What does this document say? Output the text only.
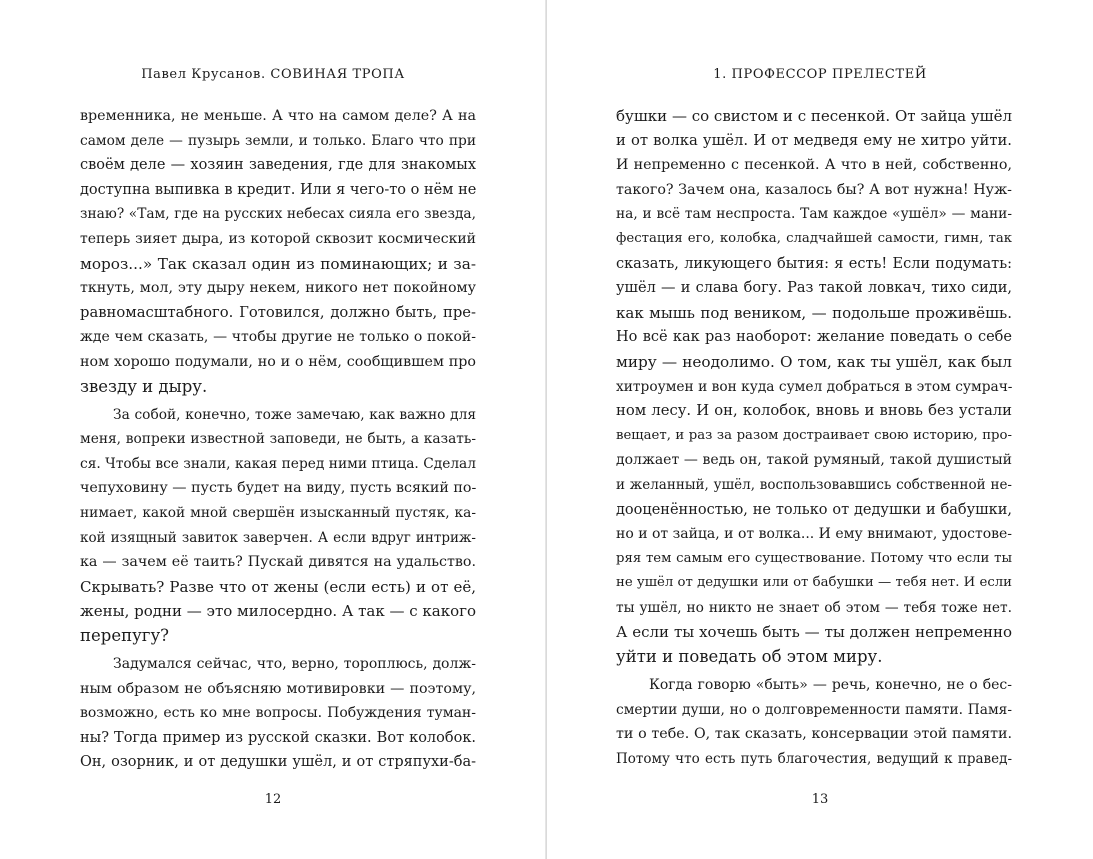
Павел Крусанов. СОВИНАЯ ТРОПА
временника, не меньше. А что на самом деле? А на
самом деле — пузырь земли, и только. Благо что при
своём деле — хозяин заведения, где для знакомых
доступна выпивка в кредит. Или я чего-то о нём не
знаю? «Там, где на русских небесах сияла его звезда,
теперь зияет дыра, из которой сквозит космический
мороз...» Так сказал один из поминающих; и за-
ткнуть, мол, эту дыру некем, никого нет покойному
равномасштабного. Готовился, должно быть, пре-
жде чем сказать, — чтобы другие не только о покой-
ном хорошо подумали, но и о нём, сообщившем про
звезду и дыру.
За собой, конечно, тоже замечаю, как важно для
меня, вопреки известной заповеди, не быть, а казать-
ся. Чтобы все знали, какая перед ними птица. Сделал
чепуховину — пусть будет на виду, пусть всякий по-
нимает, какой мной свершён изысканный пустяк, ка-
кой изящный завиток заверчен. А если вдруг интриж-
ка — зачем её таить? Пускай дивятся на удальство.
Скрывать? Разве что от жены (если есть) и от её,
жены, родни — это милосердно. А так — с какого
перепугу?
Задумался сейчас, что, верно, тороплюсь, долж-
ным образом не объясняю мотивировки — поэтому,
возможно, есть ко мне вопросы. Побуждения туман-
ны? Тогда пример из русской сказки. Вот колобок.
Он, озорник, и от дедушки ушёл, и от стряпухи-ба-
12
1. ПРОФЕССОР ПРЕЛЕСТЕЙ
бушки — со свистом и с песенкой. От зайца ушёл
и от волка ушёл. И от медведя ему не хитро уйти.
И непременно с песенкой. А что в ней, собственно,
такого? Зачем она, казалось бы? А вот нужна! Нуж-
на, и всё там неспроста. Там каждое «ушёл» — мани-
фестация его, колобка, сладчайшей самости, гимн, так
сказать, ликующего бытия: я есть! Если подумать:
ушёл — и слава богу. Раз такой ловкач, тихо сиди,
как мышь под веником, — подольше проживёшь.
Но всё как раз наоборот: желание поведать о себе
миру — неодолимо. О том, как ты ушёл, как был
хитроумен и вон куда сумел добраться в этом сумрач-
ном лесу. И он, колобок, вновь и вновь без устали
вещает, и раз за разом достраивает свою историю, про-
должает — ведь он, такой румяный, такой душистый
и желанный, ушёл, воспользовавшись собственной не-
дооценённостью, не только от дедушки и бабушки,
но и от зайца, и от волка... И ему внимают, удостове-
ряя тем самым его существование. Потому что если ты
не ушёл от дедушки или от бабушки — тебя нет. И если
ты ушёл, но никто не знает об этом — тебя тоже нет.
А если ты хочешь быть — ты должен непременно
уйти и поведать об этом миру.
Когда говорю «быть» — речь, конечно, не о бес-
смертии души, но о долговременности памяти. Памя-
ти о тебе. О, так сказать, консервации этой памяти.
Потому что есть путь благочестия, ведущий к правед-
13
